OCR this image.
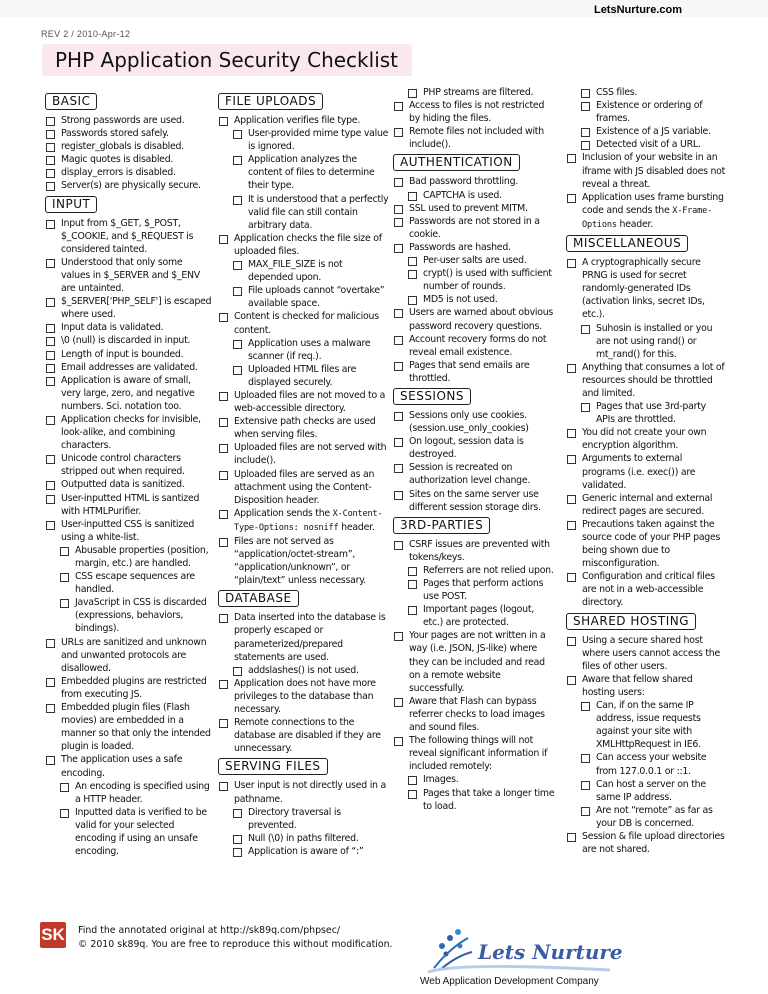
LetsNurture.com
REV 2 / 2010-Apr-12
PHP Application Security Checklist
BASIC
Strong passwords are used.
Passwords stored safely.
register_globals is disabled.
Magic quotes is disabled.
display_errors is disabled.
Server(s) are physically secure.
INPUT
Input from $_GET, $_POST, $_COOKIE, and $_REQUEST is considered tainted.
Understood that only some values in $_SERVER and $_ENV are untainted.
$_SERVER['PHP_SELF'] is escaped where used.
Input data is validated.
\0 (null) is discarded in input.
Length of input is bounded.
Email addresses are validated.
Application is aware of small, very large, zero, and negative numbers. Sci. notation too.
Application checks for invisible, look-alike, and combining characters.
Unicode control characters stripped out when required.
Outputted data is sanitized.
User-inputted HTML is santized with HTMLPurifier.
User-inputted CSS is sanitized using a white-list.
Abusable properties (position, margin, etc.) are handled.
CSS escape sequences are handled.
JavaScript in CSS is discarded (expressions, behaviors, bindings).
URLs are sanitized and unknown and unwanted protocols are disallowed.
Embedded plugins are restricted from executing JS.
Embedded plugin files (Flash movies) are embedded in a manner so that only the intended plugin is loaded.
The application uses a safe encoding.
An encoding is specified using a HTTP header.
Inputted data is verified to be valid for your selected encoding if using an unsafe encoding.
FILE UPLOADS
Application verifies file type.
User-provided mime type value is ignored.
Application analyzes the content of files to determine their type.
It is understood that a perfectly valid file can still contain arbitrary data.
Application checks the file size of uploaded files.
MAX_FILE_SIZE is not depended upon.
File uploads cannot “overtake” available space.
Content is checked for malicious content.
Application uses a malware scanner (if req.).
Uploaded HTML files are displayed securely.
Uploaded files are not moved to a web-accessible directory.
Extensive path checks are used when serving files.
Uploaded files are not served with include().
Uploaded files are served as an attachment using the Content-Disposition header.
Application sends the X-Content-Type-Options: nosniff header.
Files are not served as “application/octet-stream”, “application/unknown”, or “plain/text” unless necessary.
DATABASE
Data inserted into the database is properly escaped or parameterized/prepared statements are used.
addslashes() is not used.
Application does not have more privileges to the database than necessary.
Remote connections to the database are disabled if they are unnecessary.
SERVING FILES
User input is not directly used in a pathname.
Directory traversal is prevented.
Null (\0) in paths filtered.
Application is aware of “:”
PHP streams are filtered.
Access to files is not restricted by hiding the files.
Remote files not included with include().
AUTHENTICATION
Bad password throttling.
CAPTCHA is used.
SSL used to prevent MITM.
Passwords are not stored in a cookie.
Passwords are hashed.
Per-user salts are used.
crypt() is used with sufficient number of rounds.
MD5 is not used.
Users are warned about obvious password recovery questions.
Account recovery forms do not reveal email existence.
Pages that send emails are throttled.
SESSIONS
Sessions only use cookies. (session.use_only_cookies)
On logout, session data is destroyed.
Session is recreated on authorization level change.
Sites on the same server use different session storage dirs.
3RD-PARTIES
CSRF issues are prevented with tokens/keys.
Referrers are not relied upon.
Pages that perform actions use POST.
Important pages (logout, etc.) are protected.
Your pages are not written in a way (i.e. JSON, JS-like) where they can be included and read on a remote website successfully.
Aware that Flash can bypass referrer checks to load images and sound files.
The following things will not reveal significant information if included remotely:
Images.
Pages that take a longer time to load.
CSS files.
Existence or ordering of frames.
Existence of a JS variable.
Detected visit of a URL.
Inclusion of your website in an iframe with JS disabled does not reveal a threat.
Application uses frame bursting code and sends the X-Frame-Options header.
MISCELLANEOUS
A cryptographically secure PRNG is used for secret randomly-generated IDs (activation links, secret IDs, etc.).
Suhosin is installed or you are not using rand() or mt_rand() for this.
Anything that consumes a lot of resources should be throttled and limited.
Pages that use 3rd-party APIs are throttled.
You did not create your own encryption algorithm.
Arguments to external programs (i.e. exec()) are validated.
Generic internal and external redirect pages are secured.
Precautions taken against the source code of your PHP pages being shown due to misconfiguration.
Configuration and critical files are not in a web-accessible directory.
SHARED HOSTING
Using a secure shared host where users cannot access the files of other users.
Aware that fellow shared hosting users:
Can, if on the same IP address, issue requests against your site with XMLHttpRequest in IE6.
Can access your website from 127.0.0.1 or ::1.
Can host a server on the same IP address.
Are not “remote” as far as your DB is concerned.
Session & file upload directories are not shared.
SK Find the annotated original at http://sk89q.com/phpsec/
© 2010 sk89q. You are free to reproduce this without modification.	Lets Nurture
Web Application Development Company
